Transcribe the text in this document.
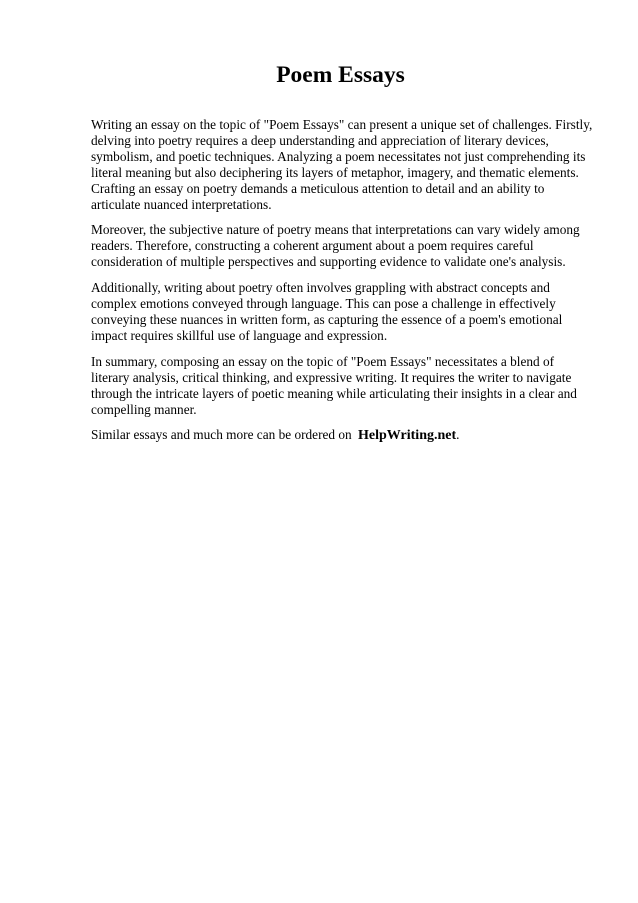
Poem Essays

Writing an essay on the topic of "Poem Essays" can present a unique set of challenges. Firstly, delving into poetry requires a deep understanding and appreciation of literary devices, symbolism, and poetic techniques. Analyzing a poem necessitates not just comprehending its literal meaning but also deciphering its layers of metaphor, imagery, and thematic elements. Crafting an essay on poetry demands a meticulous attention to detail and an ability to articulate nuanced interpretations.

Moreover, the subjective nature of poetry means that interpretations can vary widely among readers. Therefore, constructing a coherent argument about a poem requires careful consideration of multiple perspectives and supporting evidence to validate one's analysis.

Additionally, writing about poetry often involves grappling with abstract concepts and complex emotions conveyed through language. This can pose a challenge in effectively conveying these nuances in written form, as capturing the essence of a poem's emotional impact requires skillful use of language and expression.

In summary, composing an essay on the topic of "Poem Essays" necessitates a blend of literary analysis, critical thinking, and expressive writing. It requires the writer to navigate through the intricate layers of poetic meaning while articulating their insights in a clear and compelling manner.

Similar essays and much more can be ordered on HelpWriting.net.
